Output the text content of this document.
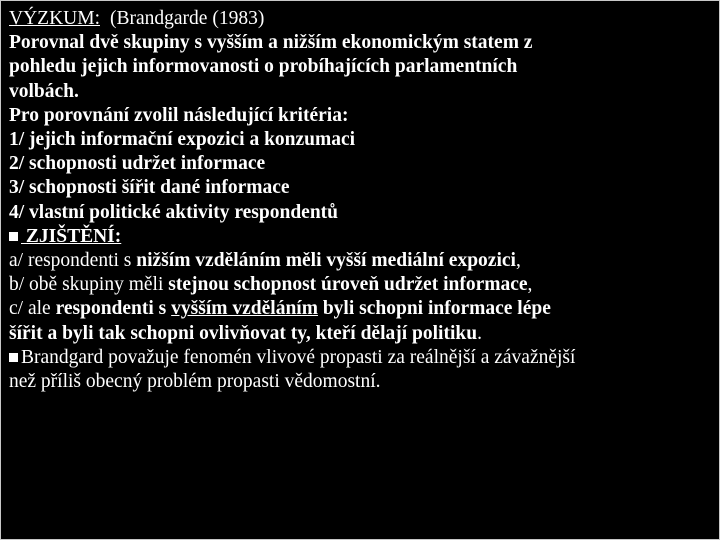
VÝZKUM: (Brandgarde (1983)
Porovnal dvě skupiny s vyšším a nižším ekonomickým statem z
pohledu jejich informovanosti o probíhajících parlamentních
volbách.
Pro porovnání zvolil následující kritéria:
1/ jejich informační expozici a konzumaci
2/ schopnosti udržet informace
3/ schopnosti šířit dané informace
4/ vlastní politické aktivity respondentů
ZJIŠTĚNÍ:
a/ respondenti s nižším vzděláním měli vyšší mediální expozici,
b/ obě skupiny měli stejnou schopnost úroveň udržet informace,
c/ ale respondenti s vyšším vzděláním byli schopni informace lépe
šířit a byli tak schopni ovlivňovat ty, kteří dělají politiku.
Brandgard považuje fenomén vlivové propasti za reálnější a závažnější
než příliš obecný problém propasti vědomostní.
